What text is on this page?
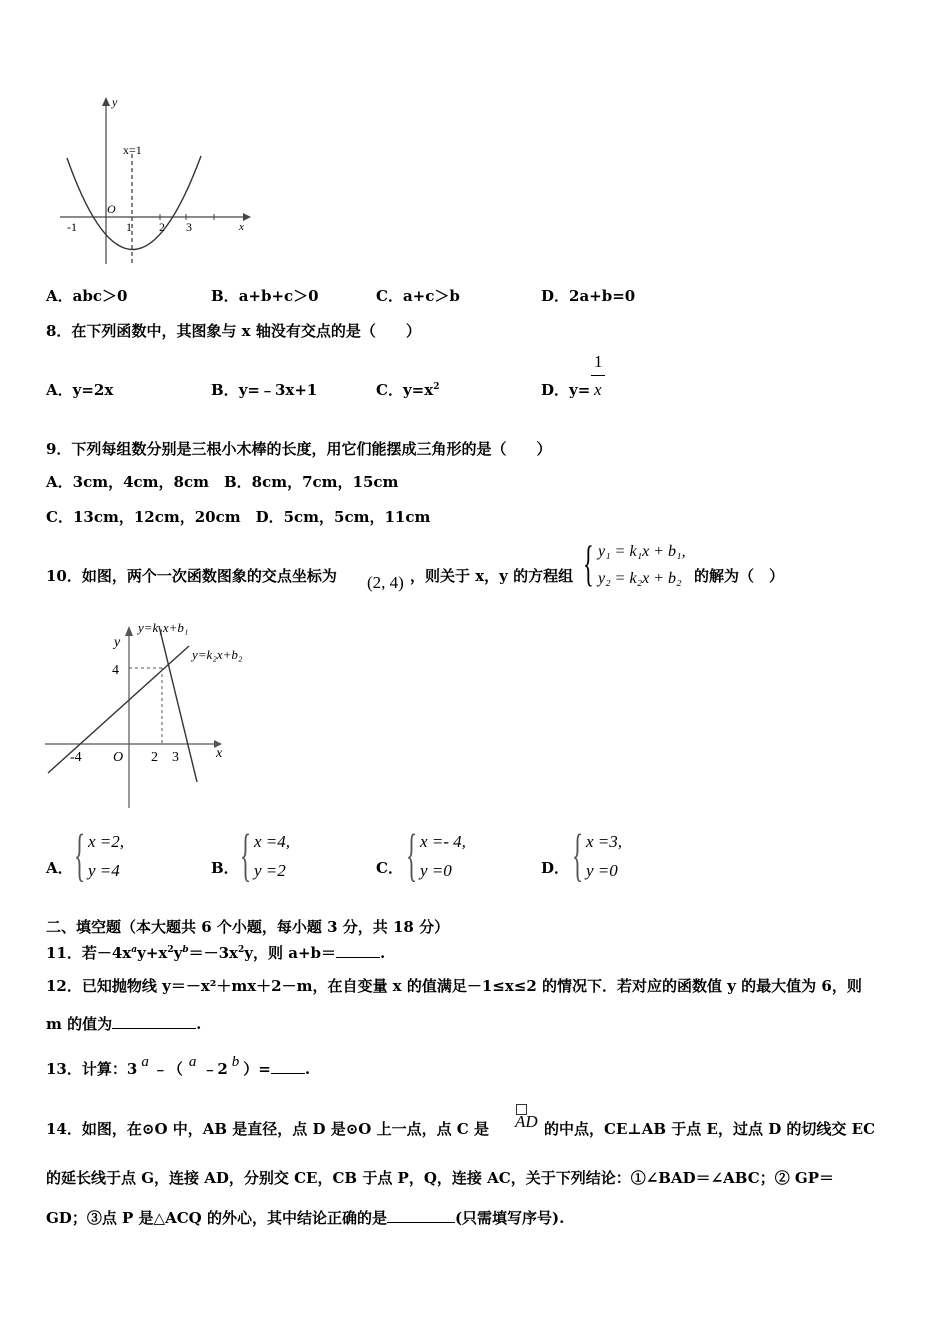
y
x
O
x=1
-1	1 2 3
A．abc＞0	B．a+b+c＞0	C．a+c＞b	D．2a+b=0
8．在下列函数中，其图象与 x 轴没有交点的是（　　）
A．y=2x	B．y=﹣3x+1	C．$y=x^2$	D．y=
1
x
9．下列每组数分别是三根小木棒的长度，用它们能摆成三角形的是（　　）
A．3cm，4cm，8cm　B．8cm，7cm，15cm
C．13cm，12cm，20cm　D．5cm，5cm，11cm
10．如图，两个一次函数图象的交点坐标为 (2, 4) ，则关于 x，y 的方程组 { y₁ = k₁x + b₁,
y₂ = k₂x + b₂ 的解为（　）
y=k₁x+b₁
y=k₂x+b₂
y
x
4
O
-4	2 3
A． { x =2,
y =4	B． { x =4,
y =2	C． { x =- 4,
y =0	D． { x =3,
y =0
二、填空题（本大题共 6 个小题，每小题 3 分，共 18 分）
11．若$-4x^ay+x^2y^b=-3x^2y$，则 a+b＝	.
12．已知抛物线 y＝－x²＋mx＋2－m，在自变量 x 的值满足－1≤x≤2 的情况下．若对应的函数值 y 的最大值为 6，则
m 的值为	.
13．计算：3 a ﹣（ a ﹣2 b ）= .
14．如图，在⊙O 中，AB 是直径，点 D 是⊙O 上一点，点 C 是 AD 的中点，CE⊥AB 于点 E，过点 D 的切线交 EC
的延长线于点 G，连接 AD，分别交 CE，CB 于点 P，Q，连接 AC，关于下列结论：①∠BAD＝∠ABC；② GP＝
GD；③点 P 是△ACQ 的外心，其中结论正确的是	(只需填写序号).
